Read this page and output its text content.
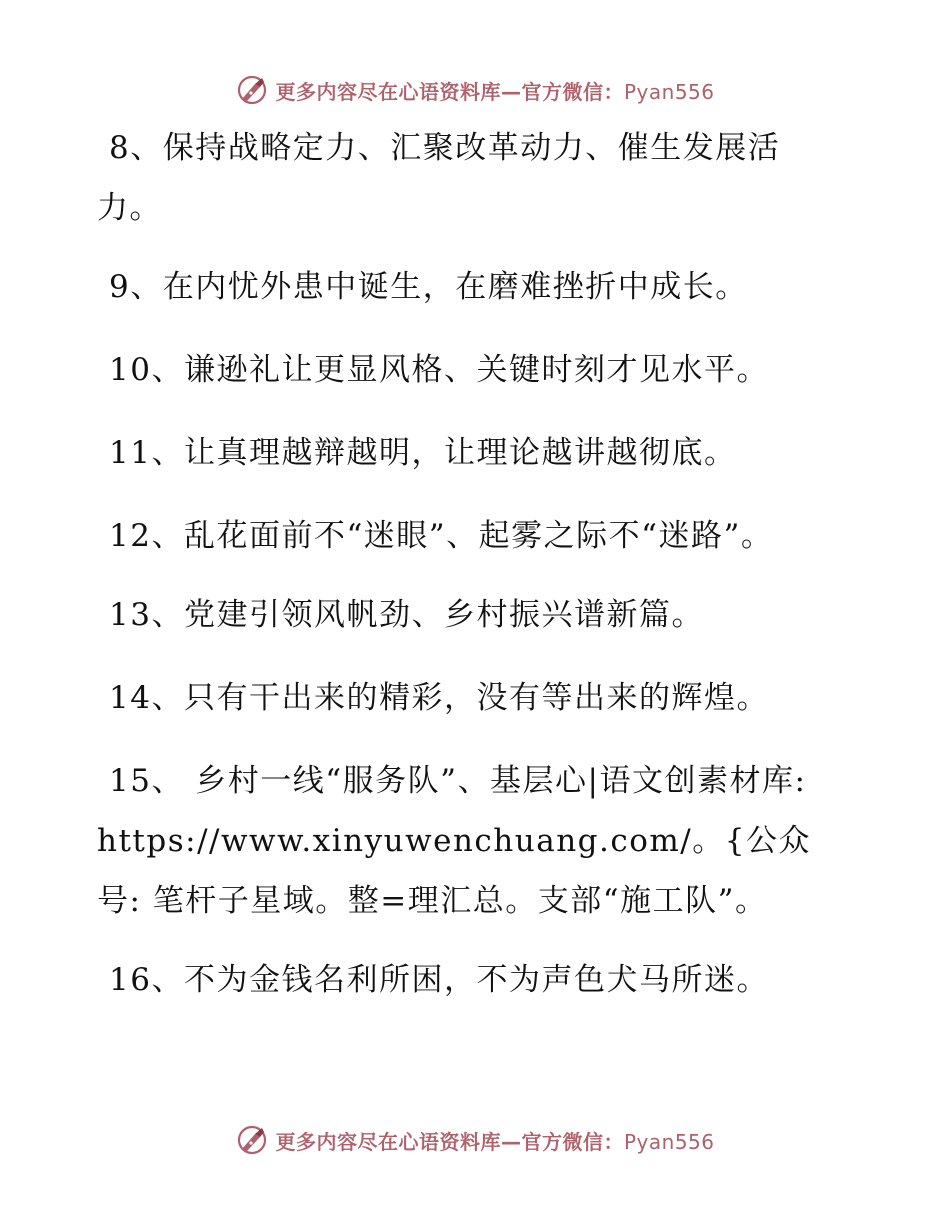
更多内容尽在心语资料库—官方微信：Pyan556

8、保持战略定力、汇聚改革动力、催生发展活力。

9、在内忧外患中诞生，在磨难挫折中成长。

10、谦逊礼让更显风格、关键时刻才见水平。

11、让真理越辩越明，让理论越讲越彻底。

12、乱花面前不“迷眼”、起雾之际不“迷路”。

13、党建引领风帆劲、乡村振兴谱新篇。

14、只有干出来的精彩，没有等出来的辉煌。

15、 乡村一线“服务队”、基层心|语文创素材库: https://www.xinyuwenchuang.com/。{公众号: 笔杆子星域。整=理汇总。支部“施工队”。

16、不为金钱名利所困，不为声色犬马所迷。

更多内容尽在心语资料库—官方微信：Pyan556
